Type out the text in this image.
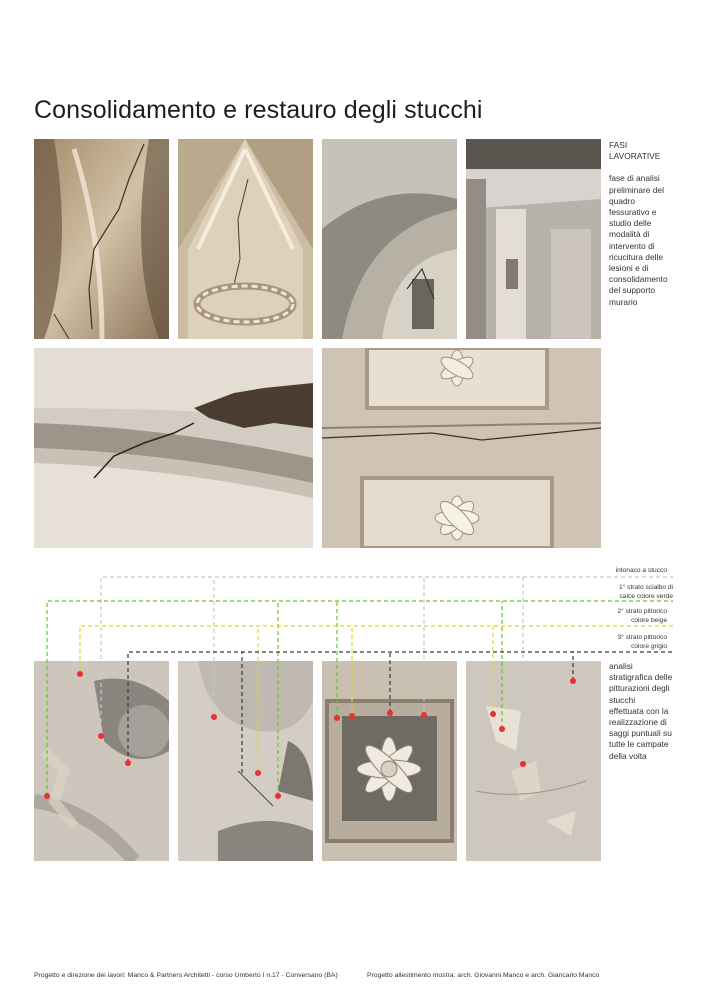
Consolidamento e restauro degli stucchi

FASI

LAVORATIVE

fase di analisi

preliminare del

quadro

fessurativo e

studio delle

modalità di

intervento di

ricucitura delle

lesioni e di

consolidamento

del supporto

murario

intonaco a stucco
1° strato scialbo di
calce colore verde
2° strato pittorico
colore beige
3° strato pittorico
colore grigio

analisi

stratigrafica delle

pitturazioni degli

stucchi

effettuata con la

realizzazione di

saggi puntuali su

tutte le campate

della volta

Progetto e direzione dei lavori: Manco & Partners Architetti - corso Umberto I n.17 - Conversano (BA)	Progetto allestimento mostra: arch. Giovanni Manco e arch. Giancarlo Manco
